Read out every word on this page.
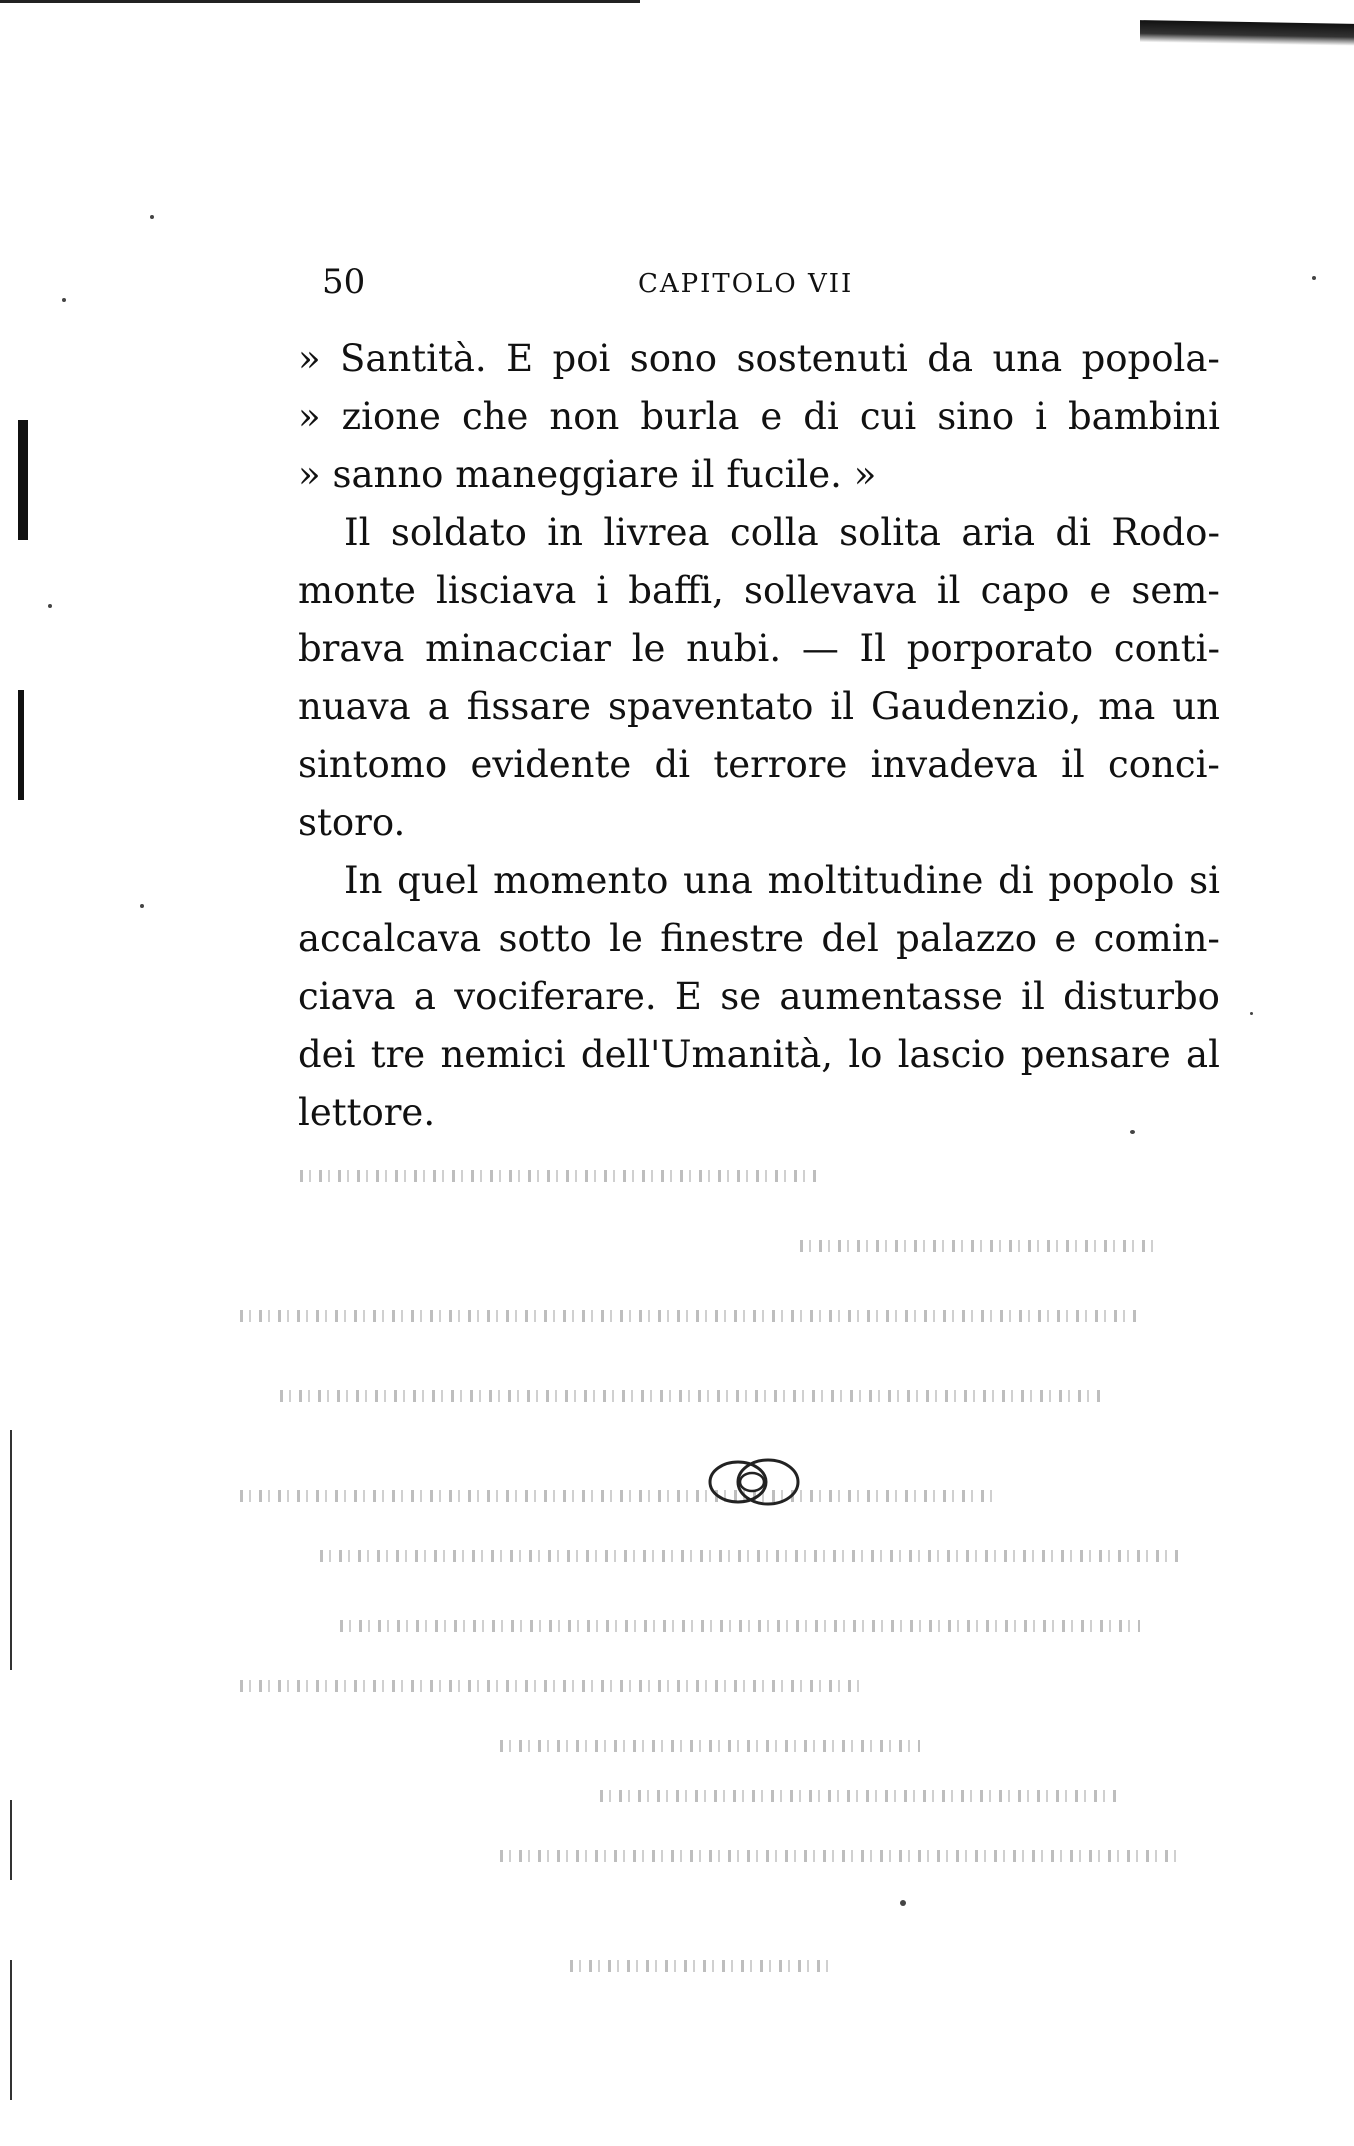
50	CAPITOLO VII
» Santità. E poi sono sostenuti da una popola-
» zione che non burla e di cui sino i bambini
» sanno maneggiare il fucile. »
Il soldato in livrea colla solita aria di Rodo-
monte lisciava i baffi, sollevava il capo e sem-
brava minacciar le nubi. — Il porporato conti-
nuava a fissare spaventato il Gaudenzio, ma un
sintomo evidente di terrore invadeva il conci-
storo.
In quel momento una moltitudine di popolo si
accalcava sotto le finestre del palazzo e comin-
ciava a vociferare. E se aumentasse il disturbo
dei tre nemici dell'Umanità, lo lascio pensare al
lettore.
